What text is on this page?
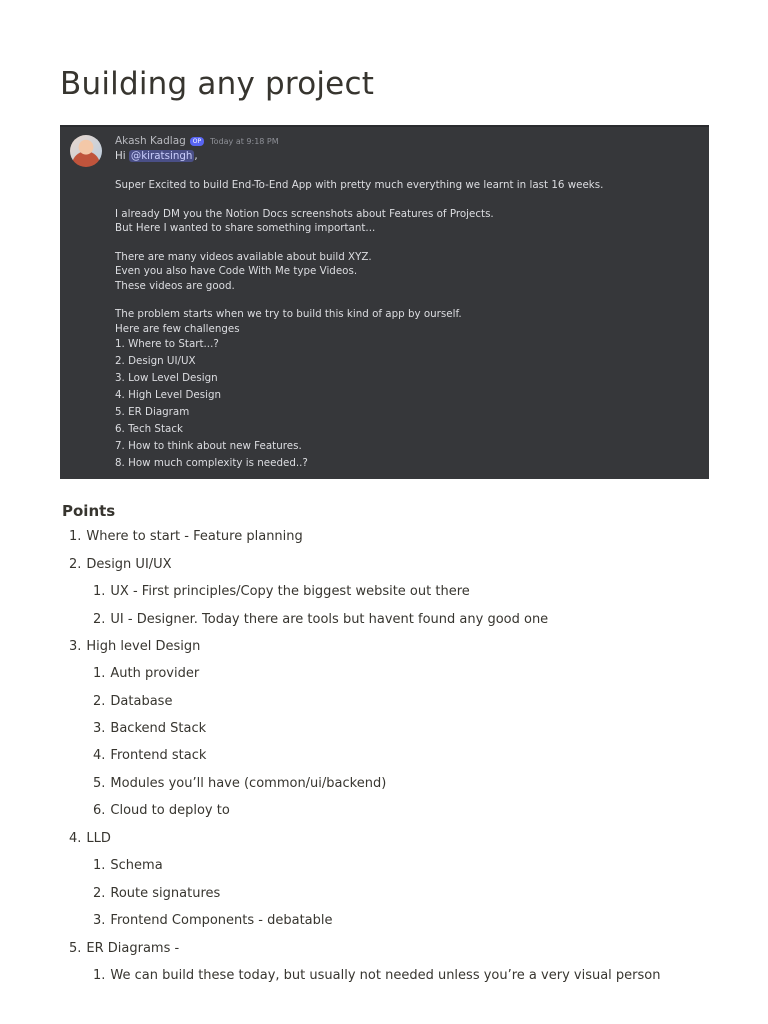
Building any project
Akash Kadlag OP Today at 9:18 PM
Hi @kiratsingh ,
Super Excited to build End-To-End App with pretty much everything we learnt in last 16 weeks.
I already DM you the Notion Docs screenshots about Features of Projects.
But Here I wanted to share something important...
There are many videos available about build XYZ.
Even you also have Code With Me type Videos.
These videos are good.
The problem starts when we try to build this kind of app by ourself.
Here are few challenges
1. Where to Start...?
2. Design UI/UX
3. Low Level Design
4. High Level Design
5. ER Diagram
6. Tech Stack
7. How to think about new Features.
8. How much complexity is needed..?
Points
1. Where to start - Feature planning
2. Design UI/UX
1. UX - First principles/Copy the biggest website out there
2. UI - Designer. Today there are tools but havent found any good one
3. High level Design
1. Auth provider
2. Database
3. Backend Stack
4. Frontend stack
5. Modules you’ll have (common/ui/backend)
6. Cloud to deploy to
4. LLD
1. Schema
2. Route signatures
3. Frontend Components - debatable
5. ER Diagrams -
1. We can build these today, but usually not needed unless you’re a very visual person
